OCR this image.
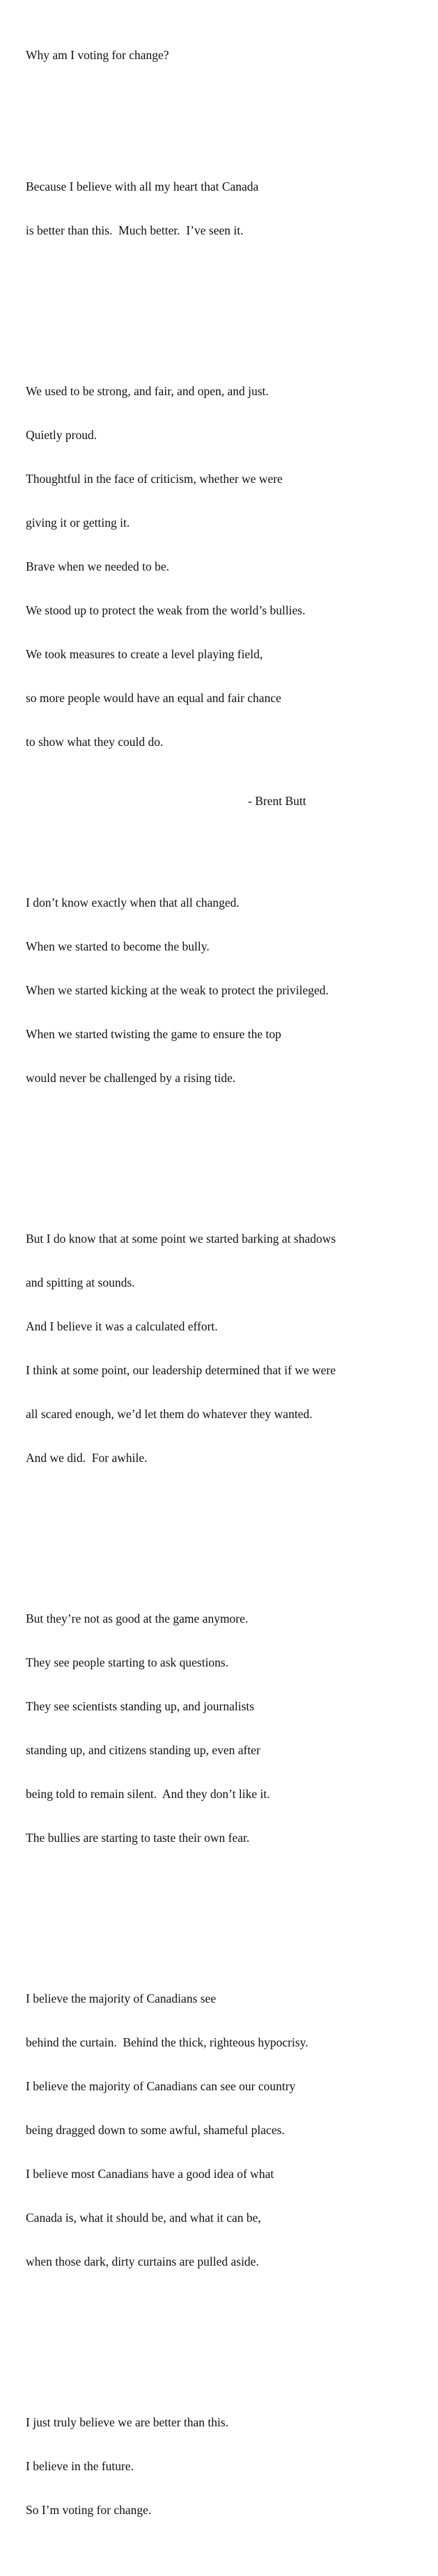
Why am I voting for change?

Because I believe with all my heart that Canada

is better than this.  Much better.  I’ve seen it.

We used to be strong, and fair, and open, and just.

Quietly proud.

Thoughtful in the face of criticism, whether we were

giving it or getting it.

Brave when we needed to be.

We stood up to protect the weak from the world’s bullies.

We took measures to create a level playing field,

so more people would have an equal and fair chance

to show what they could do.

I don’t know exactly when that all changed.

When we started to become the bully.

When we started kicking at the weak to protect the privileged.

When we started twisting the game to ensure the top

would never be challenged by a rising tide.

But I do know that at some point we started barking at shadows

and spitting at sounds.

And I believe it was a calculated effort.

I think at some point, our leadership determined that if we were

all scared enough, we’d let them do whatever they wanted.

And we did.  For awhile.

But they’re not as good at the game anymore.

They see people starting to ask questions.

They see scientists standing up, and journalists

standing up, and citizens standing up, even after

being told to remain silent.  And they don’t like it.

The bullies are starting to taste their own fear.

I believe the majority of Canadians see

behind the curtain.  Behind the thick, righteous hypocrisy.

I believe the majority of Canadians can see our country

being dragged down to some awful, shameful places.

I believe most Canadians have a good idea of what

Canada is, what it should be, and what it can be,

when those dark, dirty curtains are pulled aside.

I just truly believe we are better than this.

I believe in the future.

So I’m voting for change.

- Brent Butt
